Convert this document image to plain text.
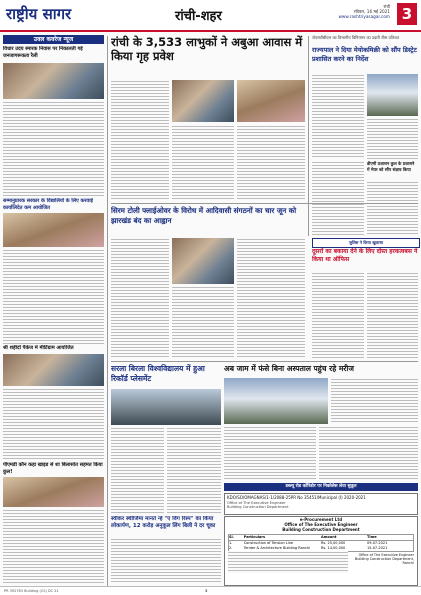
राष्ट्रीय सागर	रांची-शहर
रांची
रविवार, 16 मई 2021
www.rashtriyasagar.com 3
उवल कवरेज न्यूज
विधार उदय स्मारक निवास पर निकालती गई जनजागरूकता रैली
सम्मानुप्रारक सरकार के विद्यालियों के लिए करवाई कार्यालिदेत कम आयोजित
श्री शहीदों पैकेज में मीटिंग्राम आयोजित
पीएमडी कौन कहा खाइड से शा बिलासोत सहमत किया कुल!
रांची के 3,533 लाभुकों ने अबुआ आवास में किया गृह प्रवेश
जेएसटीबीएल का विभागीय विनियमन का उदारी तीस प्रतिशत
राज्यपाल ने दिया मेयोकमिक्री को सौंप डिस्ट्रेट प्रशासित करने का निर्देश
डीएमी प्रशासन कुल के प्रशासने में मेयर को सौंप संज्ञाव किया
सिरम टोली फ्लाईओवर के विरोध में आदिवासी संगठनों का चार जून को झारखंड बंद का आह्वान
जुलिस ने किया खुलासा
दूसरों का बकाया देने के लिए दोस्त हरकत्वबस ने किया था ऑफिस
सरला बिरला विश्वविद्यालय में हुआ रिकॉर्ड प्लेसमेंट
अब जाम में फंसे बिना अस्पताल पहुंच रहे मरीज
डब्ल्यू रोड कॉरिडोर पर निकोलेस लेवा सुकूत
स्वीकर स्थीजिमा मानते न्हे "ए विंग रिस्प" का किया लोकार्पण, 12 करोड़ अनुकूल लिंग बिली ने दर चूका
KDO/SO/OMAGNAS/1-1/2088-25PR No 35451/Municipal (I) 2020-2021
Office of The Executive Engineer
Building Construction Department
e-Procurement Ltd
Office of The Executive Engineer
Building Construction Department
Sl.	Particulars	Amount	Time
1.	Construction of Tension Line	Rs. 25,00,000	09-07-2021
2.	Tender & Architecture Building Ranchi	Rs. 14,00,000	15-07-2021
Office of The Executive Engineer
Building Construction Department, Ranchi
PR 392763 Building (CS) DC 21	3
